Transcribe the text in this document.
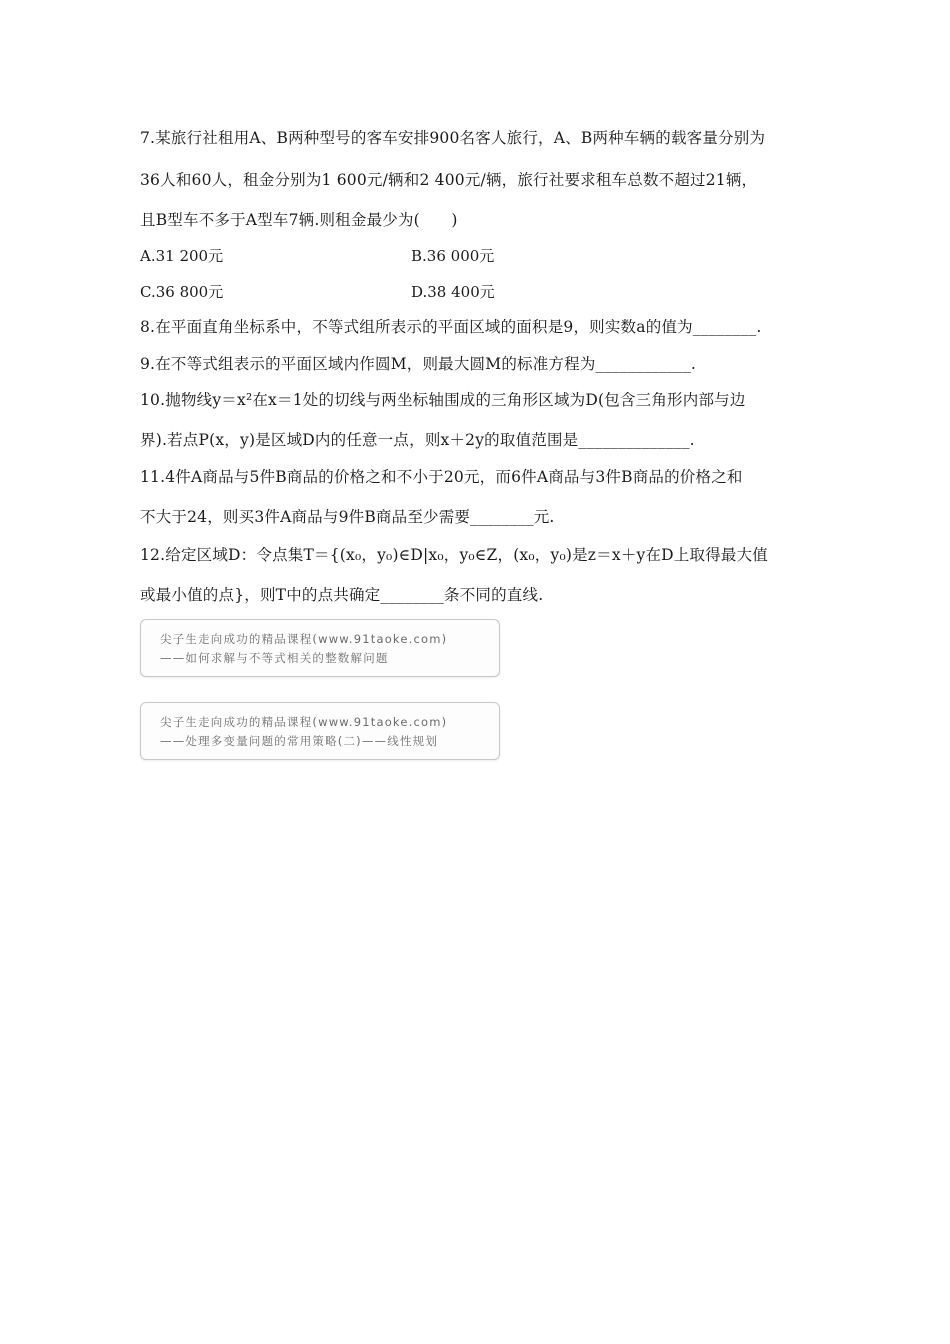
7.某旅行社租用A、B两种型号的客车安排900名客人旅行，A、B两种车辆的载客量分别为
36人和60人，租金分别为1 600元/辆和2 400元/辆，旅行社要求租车总数不超过21辆，
且B型车不多于A型车7辆.则租金最少为(　　)
A.31 200元	B.36 000元
C.36 800元	D.38 400元
8.在平面直角坐标系中，不等式组所表示的平面区域的面积是9，则实数a的值为________.
9.在不等式组表示的平面区域内作圆M，则最大圆M的标准方程为____________.
10.抛物线y＝x²在x＝1处的切线与两坐标轴围成的三角形区域为D(包含三角形内部与边
界).若点P(x，y)是区域D内的任意一点，则x＋2y的取值范围是______________.
11.4件A商品与5件B商品的价格之和不小于20元，而6件A商品与3件B商品的价格之和
不大于24，则买3件A商品与9件B商品至少需要________元.
12.给定区域D：令点集T＝{(x₀，y₀)∈D|x₀，y₀∈Z，(x₀，y₀)是z＝x＋y在D上取得最大值
或最小值的点}，则T中的点共确定________条不同的直线.
尖子生走向成功的精品课程(www.91taoke.com)
——如何求解与不等式相关的整数解问题
尖子生走向成功的精品课程(www.91taoke.com)
——处理多变量问题的常用策略(二)——线性规划
